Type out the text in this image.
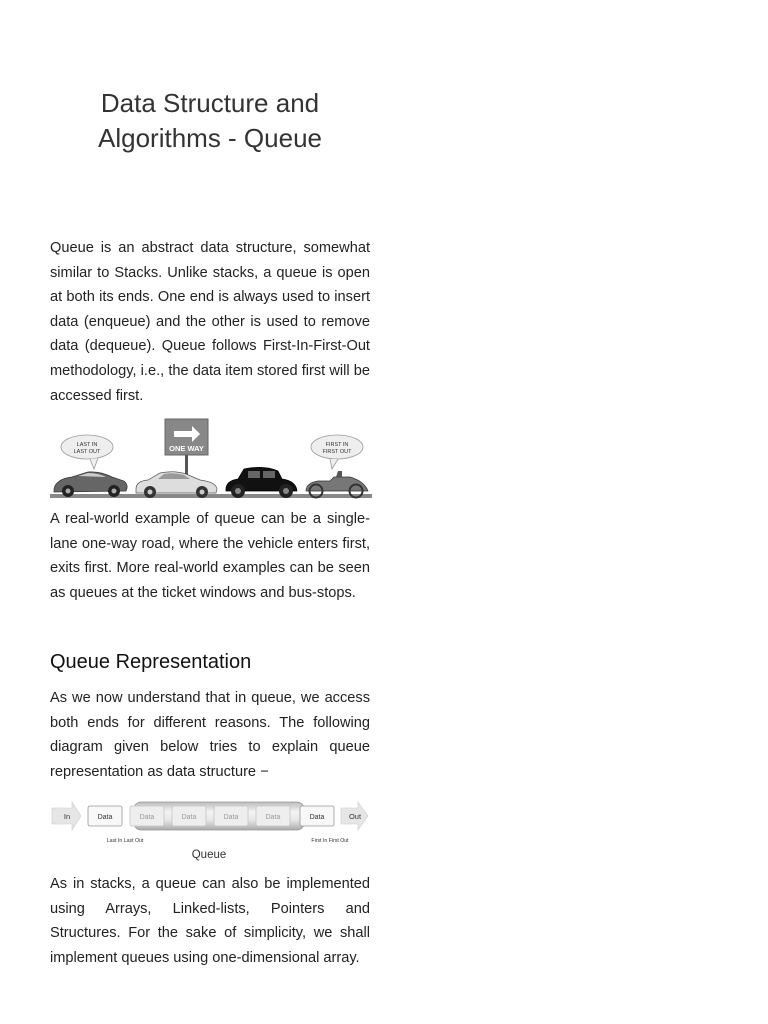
Data Structure and
Algorithms - Queue

Queue is an abstract data structure, somewhat similar to Stacks. Unlike stacks, a queue is open at both its ends. One end is always used to insert data (enqueue) and the other is used to remove data (dequeue). Queue follows First-In-First-Out methodology, i.e., the data item stored first will be accessed first.

LAST IN
LAST OUT	ONE WAY	FIRST IN
FIRST OUT

A real-world example of queue can be a single-lane one-way road, where the vehicle enters first, exits first. More real-world examples can be seen as queues at the ticket windows and bus-stops.

Queue Representation

As we now understand that in queue, we access both ends for different reasons. The following diagram given below tries to explain queue representation as data structure −

In	Data	Data	Data	Data	Data	Data	Out
Last In Last Out	First In First Out
Queue

As in stacks, a queue can also be implemented using Arrays, Linked-lists, Pointers and Structures. For the sake of simplicity, we shall implement queues using one-dimensional array.
